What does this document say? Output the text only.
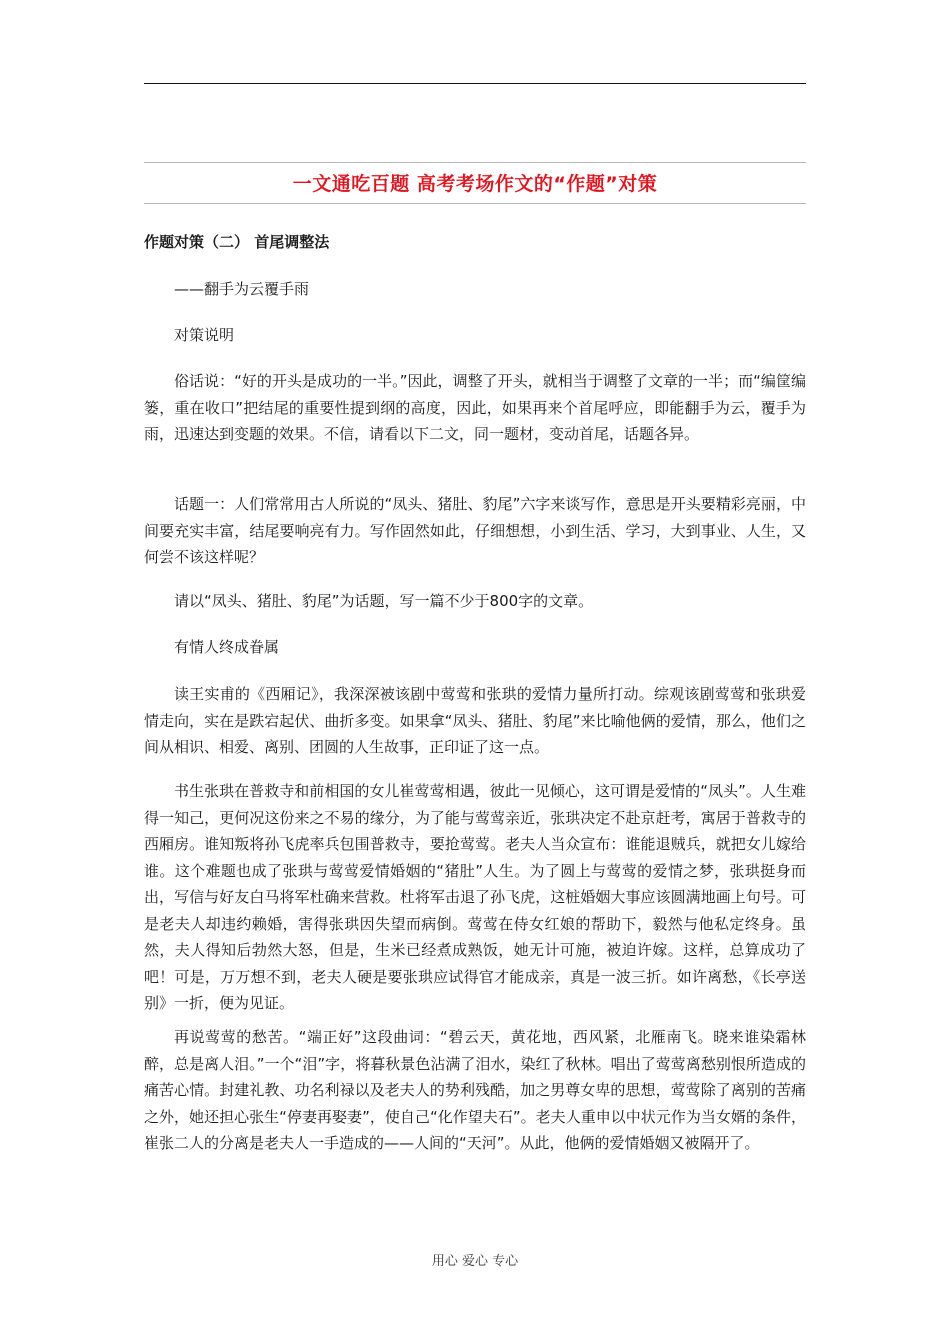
一文通吃百题 高考考场作文的“作题”对策
作题对策（二） 首尾调整法

——翻手为云覆手雨

对策说明

俗话说：“好的开头是成功的一半。”因此，调整了开头，就相当于调整了文章的一半；而“编筐编篓，重在收口”把结尾的重要性提到纲的高度，因此，如果再来个首尾呼应，即能翻手为云，覆手为雨，迅速达到变题的效果。不信，请看以下二文，同一题材，变动首尾，话题各异。

话题一：人们常常用古人所说的“凤头、猪肚、豹尾”六字来谈写作，意思是开头要精彩亮丽，中间要充实丰富，结尾要响亮有力。写作固然如此，仔细想想，小到生活、学习，大到事业、人生，又何尝不该这样呢？

请以“凤头、猪肚、豹尾”为话题，写一篇不少于800字的文章。

有情人终成眷属

读王实甫的《西厢记》，我深深被该剧中莺莺和张珙的爱情力量所打动。综观该剧莺莺和张珙爱情走向，实在是跌宕起伏、曲折多变。如果拿“凤头、猪肚、豹尾”来比喻他俩的爱情，那么，他们之间从相识、相爱、离别、团圆的人生故事，正印证了这一点。

书生张珙在普救寺和前相国的女儿崔莺莺相遇，彼此一见倾心，这可谓是爱情的“凤头”。人生难得一知己，更何况这份来之不易的缘分，为了能与莺莺亲近，张珙决定不赴京赶考，寓居于普救寺的西厢房。谁知叛将孙飞虎率兵包围普救寺，要抢莺莺。老夫人当众宣布：谁能退贼兵，就把女儿嫁给谁。这个难题也成了张珙与莺莺爱情婚姻的“猪肚”人生。为了圆上与莺莺的爱情之梦，张珙挺身而出，写信与好友白马将军杜确来营救。杜将军击退了孙飞虎，这桩婚姻大事应该圆满地画上句号。可是老夫人却违约赖婚，害得张珙因失望而病倒。莺莺在侍女红娘的帮助下，毅然与他私定终身。虽然，夫人得知后勃然大怒，但是，生米已经煮成熟饭，她无计可施，被迫许嫁。这样，总算成功了吧！可是，万万想不到，老夫人硬是要张珙应试得官才能成亲，真是一波三折。如许离愁，《长亭送别》一折，便为见证。

再说莺莺的愁苦。“端正好”这段曲词：“碧云天，黄花地，西风紧，北雁南飞。晓来谁染霜林醉，总是离人泪。”一个“泪”字，将暮秋景色沾满了泪水，染红了秋林。唱出了莺莺离愁别恨所造成的痛苦心情。封建礼教、功名利禄以及老夫人的势利残酷，加之男尊女卑的思想，莺莺除了离别的苦痛之外，她还担心张生“停妻再娶妻”，使自己“化作望夫石”。老夫人重申以中状元作为当女婿的条件，崔张二人的分离是老夫人一手造成的——人间的“天河”。从此，他俩的爱情婚姻又被隔开了。

用心 爱心 专心
